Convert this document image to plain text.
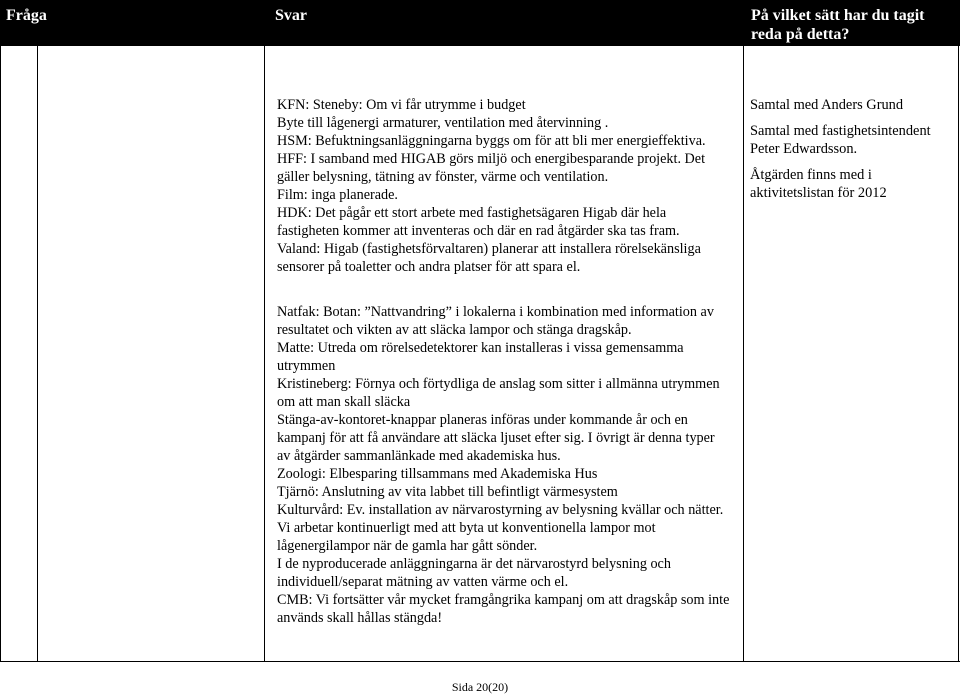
Fråga	Svar	På vilket sätt har du tagit reda på detta?
KFN: Steneby: Om vi får utrymme i budget
Byte till lågenergi armaturer, ventilation med återvinning .
HSM: Befuktningsanläggningarna byggs om för att bli mer energieffektiva.
HFF: I samband med HIGAB görs miljö och energibesparande projekt. Det
gäller belysning, tätning av fönster, värme och ventilation.
Film: inga planerade.
HDK: Det pågår ett stort arbete med fastighetsägaren Higab där hela
fastigheten kommer att inventeras och där en rad åtgärder ska tas fram.
Valand: Higab (fastighetsförvaltaren) planerar att installera rörelsekänsliga
sensorer på toaletter och andra platser för att spara el.
Natfak: Botan: ”Nattvandring” i lokalerna i kombination med information av
resultatet och vikten av att släcka lampor och stänga dragskåp.
Matte: Utreda om rörelsedetektorer kan installeras i vissa gemensamma
utrymmen
Kristineberg: Förnya och förtydliga de anslag som sitter i allmänna utrymmen
om att man skall släcka
Stänga-av-kontoret-knappar planeras införas under kommande år och en
kampanj för att få användare att släcka ljuset efter sig. I övrigt är denna typer
av åtgärder sammanlänkade med akademiska hus.
Zoologi: Elbesparing tillsammans med Akademiska Hus
Tjärnö: Anslutning av vita labbet till befintligt värmesystem
Kulturvård: Ev. installation av närvarostyrning av belysning kvällar och nätter.
Vi arbetar kontinuerligt med att byta ut konventionella lampor mot
lågenergilampor när de gamla har gått sönder.
I de nyproducerade anläggningarna är det närvarostyrd belysning och
individuell/separat mätning av vatten värme och el.
CMB: Vi fortsätter vår mycket framgångrika kampanj om att dragskåp som inte
används skall hållas stängda!
Samtal med Anders Grund
Samtal med fastighetsintendent
Peter Edwardsson.
Åtgärden finns med i
aktivitetslistan för 2012
Sida 20(20)
